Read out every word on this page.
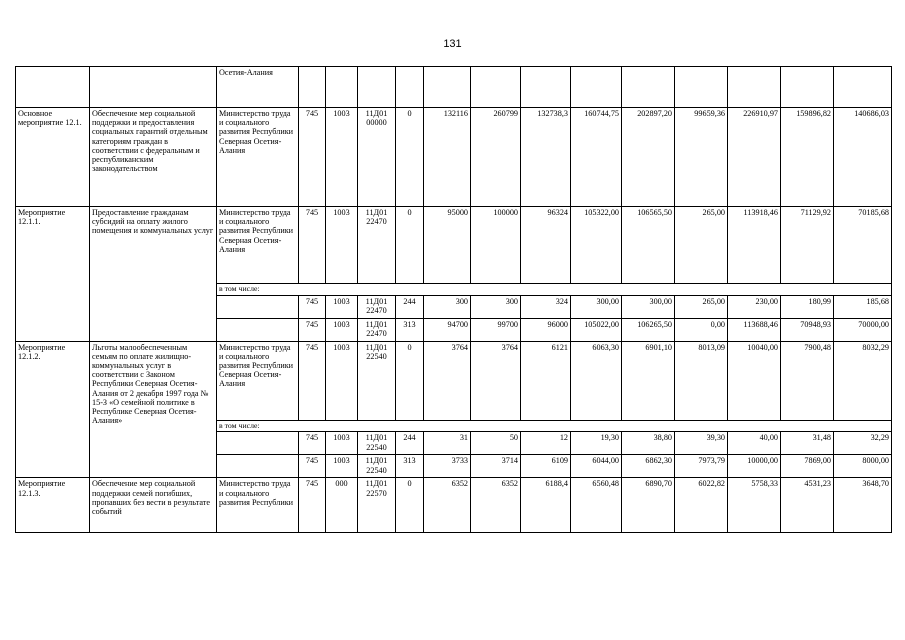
131
		Осетия-Алания													
Основное мероприятие 12.1.	Обеспечение мер социальной поддержки и предоставления социальных гарантий отдельным категориям граждан в соответствии с федеральным и республиканским законодательством	Министерство труда и социального развития Республики Северная Осетия-Алания	745	1003	11Д01 00000	0	132116	260799	132738,3	160744,75	202897,20	99659,36	226910,97	159896,82	140686,03
Мероприятие 12.1.1.	Предоставление гражданам субсидий на оплату жилого помещения и коммунальных услуг	Министерство труда и социального развития Республики Северная Осетия-Алания	745	1003	11Д01 22470	0	95000	100000	96324	105322,00	106565,50	265,00	113918,46	71129,92	70185,68
		в том числе:													
			745	1003	11Д01 22470	244	300	300	324	300,00	300,00	265,00	230,00	180,99	185,68
			745	1003	11Д01 22470	313	94700	99700	96000	105022,00	106265,50	0,00	113688,46	70948,93	70000,00
Мероприятие 12.1.2.	Льготы малообеспеченным семьям по оплате жилищно-коммунальных услуг в соответствии с Законом Республики Северная Осетия-Алания от 2 декабря 1997 года № 15-З «О семейной политике в Республике Северная Осетия-Алания»	Министерство труда и социального развития Республики Северная Осетия-Алания	745	1003	11Д01 22540	0	3764	3764	6121	6063,30	6901,10	8013,09	10040,00	7900,48	8032,29
		в том числе:													
			745	1003	11Д01 22540	244	31	50	12	19,30	38,80	39,30	40,00	31,48	32,29
			745	1003	11Д01 22540	313	3733	3714	6109	6044,00	6862,30	7973,79	10000,00	7869,00	8000,00
Мероприятие 12.1.3.	Обеспечение мер социальной поддержки семей погибших, пропавших без вести в результате событий	Министерство труда и социального развития Республики	745	000	11Д01 22570	0	6352	6352	6188,4	6560,48	6890,70	6022,82	5758,33	4531,23	3648,70
